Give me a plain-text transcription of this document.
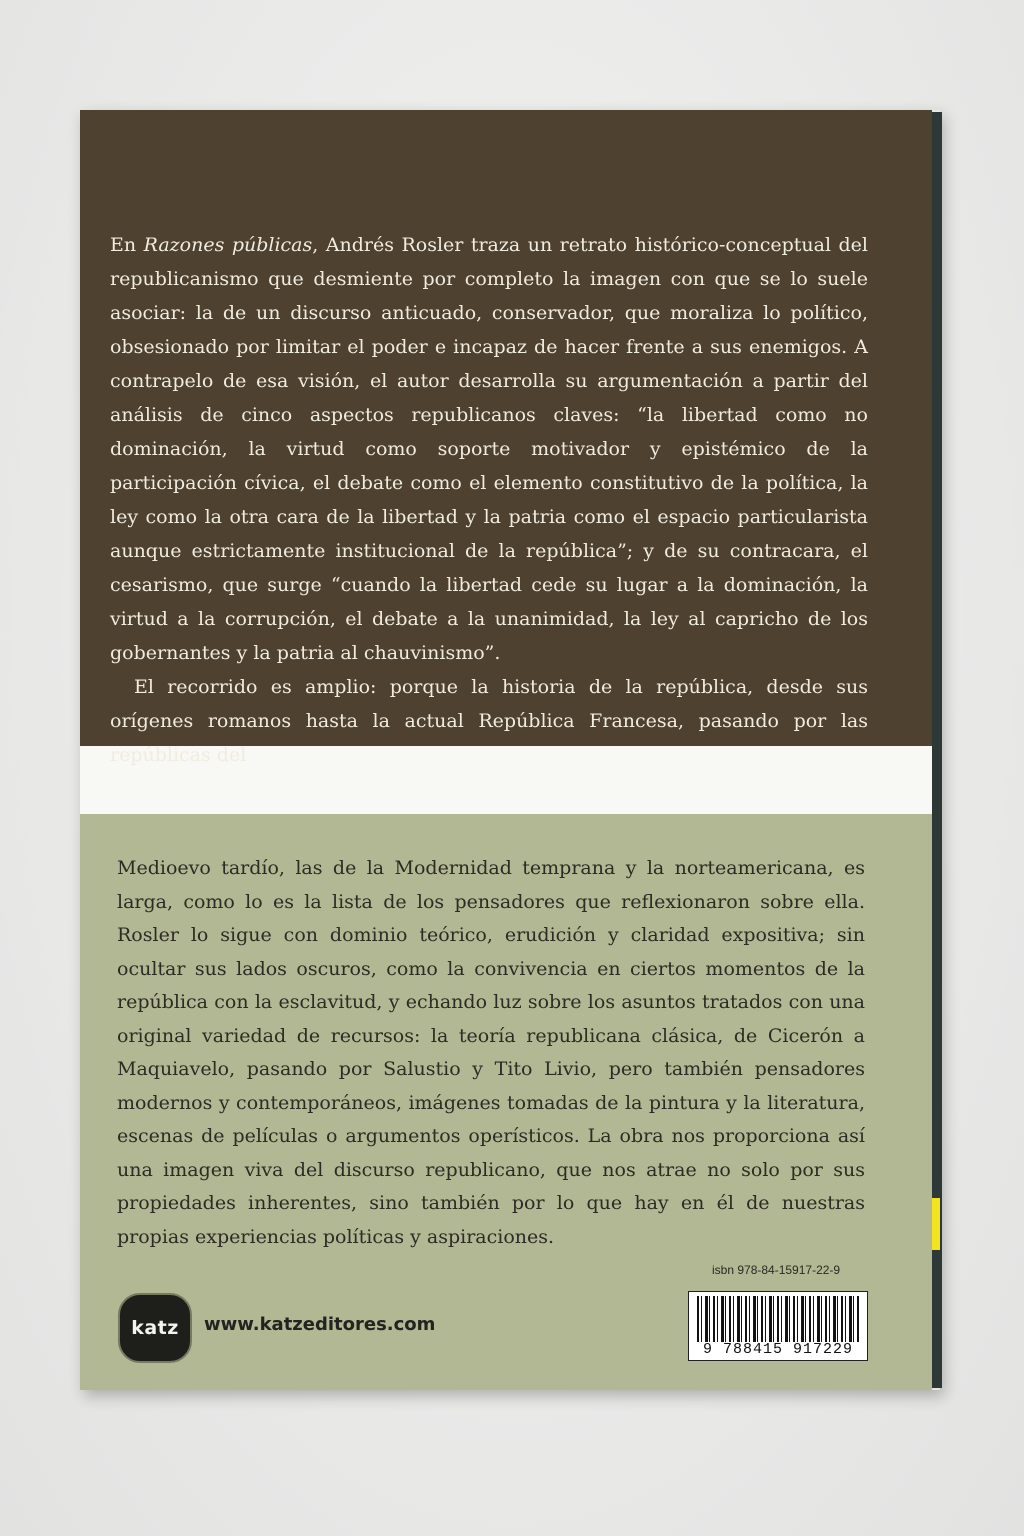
En Razones públicas, Andrés Rosler traza un retrato histórico-conceptual del republicanismo que desmiente por completo la imagen con que se lo suele asociar: la de un discurso anticuado, conservador, que moraliza lo político, obsesionado por limitar el poder e incapaz de hacer frente a sus enemigos. A contrapelo de esa visión, el autor desarrolla su argumentación a partir del análisis de cinco aspectos republicanos claves: “la libertad como no dominación, la virtud como soporte motivador y epistémico de la participación cívica, el debate como el elemento constitutivo de la política, la ley como la otra cara de la libertad y la patria como el espacio particularista aunque estrictamente institucional de la república”; y de su contracara, el cesarismo, que surge “cuando la libertad cede su lugar a la dominación, la virtud a la corrupción, el debate a la unanimidad, la ley al capricho de los gobernantes y la patria al chauvinismo”.

El recorrido es amplio: porque la historia de la república, desde sus orígenes romanos hasta la actual República Francesa, pasando por las repúblicas del

Medioevo tardío, las de la Modernidad temprana y la norteamericana, es larga, como lo es la lista de los pensadores que reflexionaron sobre ella. Rosler lo sigue con dominio teórico, erudición y claridad expositiva; sin ocultar sus lados oscuros, como la convivencia en ciertos momentos de la república con la esclavitud, y echando luz sobre los asuntos tratados con una original variedad de recursos: la teoría republicana clásica, de Cicerón a Maquiavelo, pasando por Salustio y Tito Livio, pero también pensadores modernos y contemporáneos, imágenes tomadas de la pintura y la literatura, escenas de películas o argumentos operísticos. La obra nos proporciona así una imagen viva del discurso republicano, que nos atrae no solo por sus propiedades inherentes, sino también por lo que hay en él de nuestras propias experiencias políticas y aspiraciones.

isbn 978-84-15917-22-9
9 788415 917229
katz www.katzeditores.com
